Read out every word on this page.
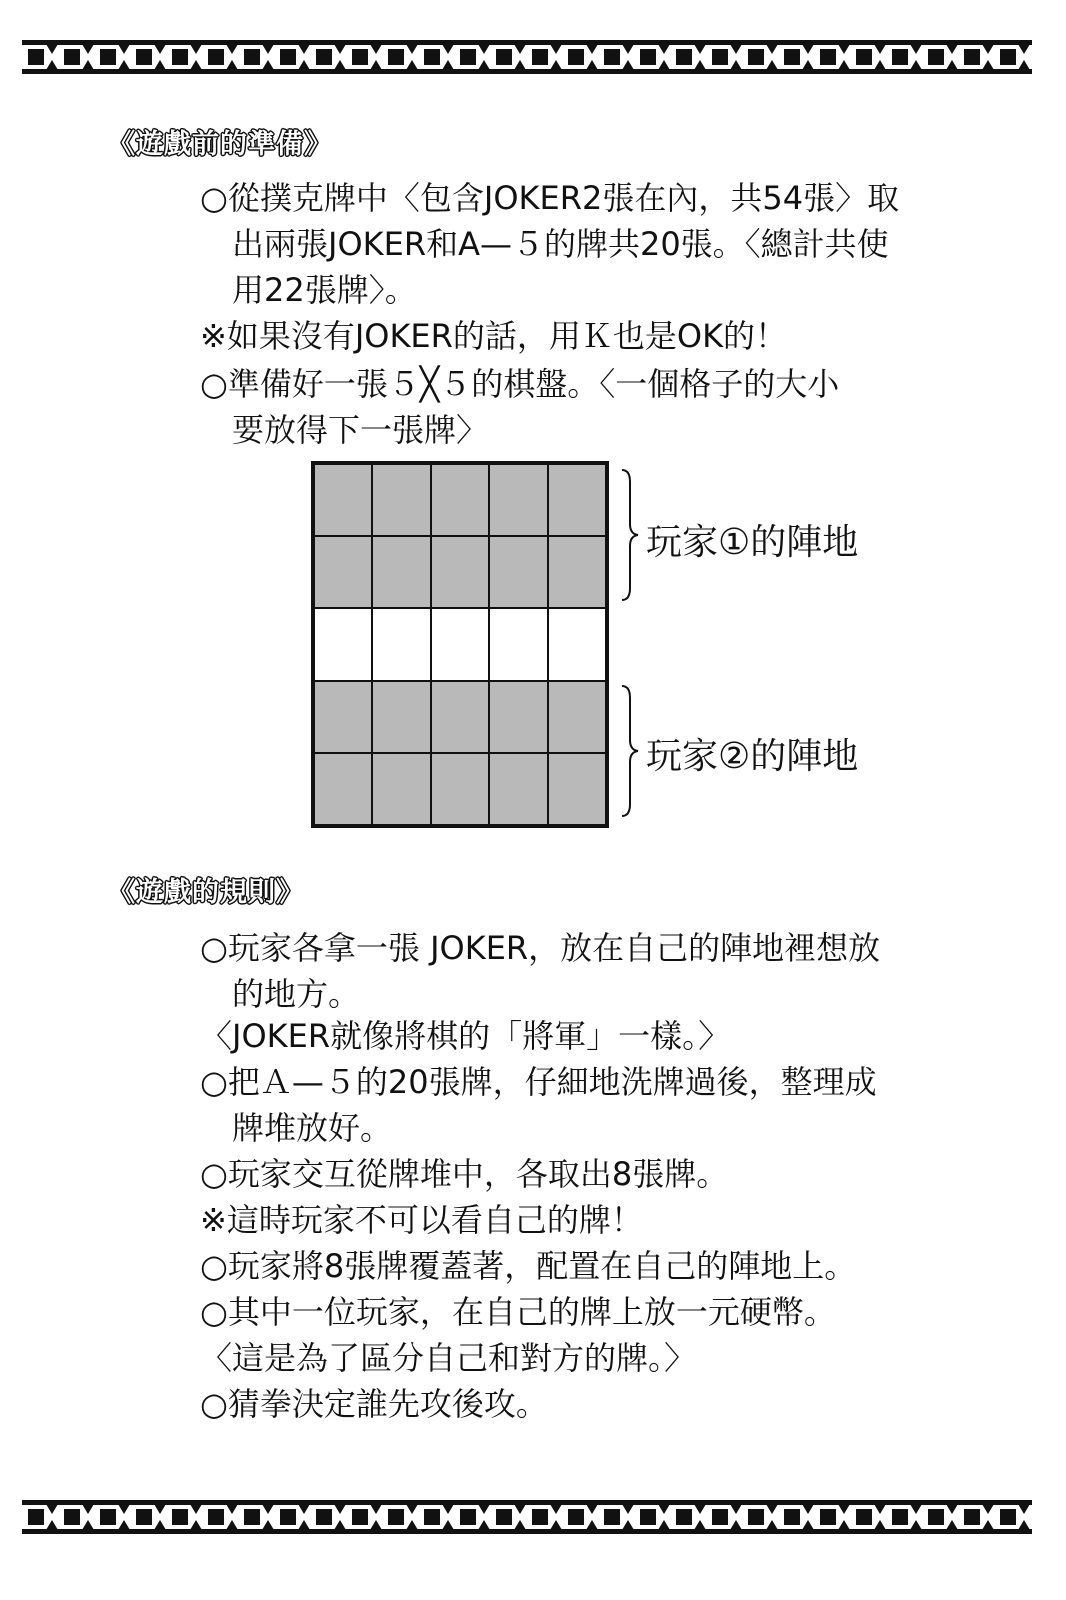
《遊戲前的準備》
○從撲克牌中〈包含JOKER2張在內，共54張〉取
出兩張JOKER和A—５的牌共20張。〈總計共使
用22張牌〉。
※如果沒有JOKER的話，用Ｋ也是OK的！
○準備好一張５╳５的棋盤。〈一個格子的大小
要放得下一張牌〉
玩家①的陣地
玩家②的陣地
《遊戲的規則》
○玩家各拿一張 JOKER，放在自己的陣地裡想放
的地方。
〈JOKER就像將棋的「將軍」一樣。〉
○把Ａ—５的20張牌，仔細地洗牌過後，整理成
牌堆放好。
○玩家交互從牌堆中，各取出8張牌。
※這時玩家不可以看自己的牌！
○玩家將8張牌覆蓋著，配置在自己的陣地上。
○其中一位玩家，在自己的牌上放一元硬幣。
〈這是為了區分自己和對方的牌。〉
○猜拳決定誰先攻後攻。
